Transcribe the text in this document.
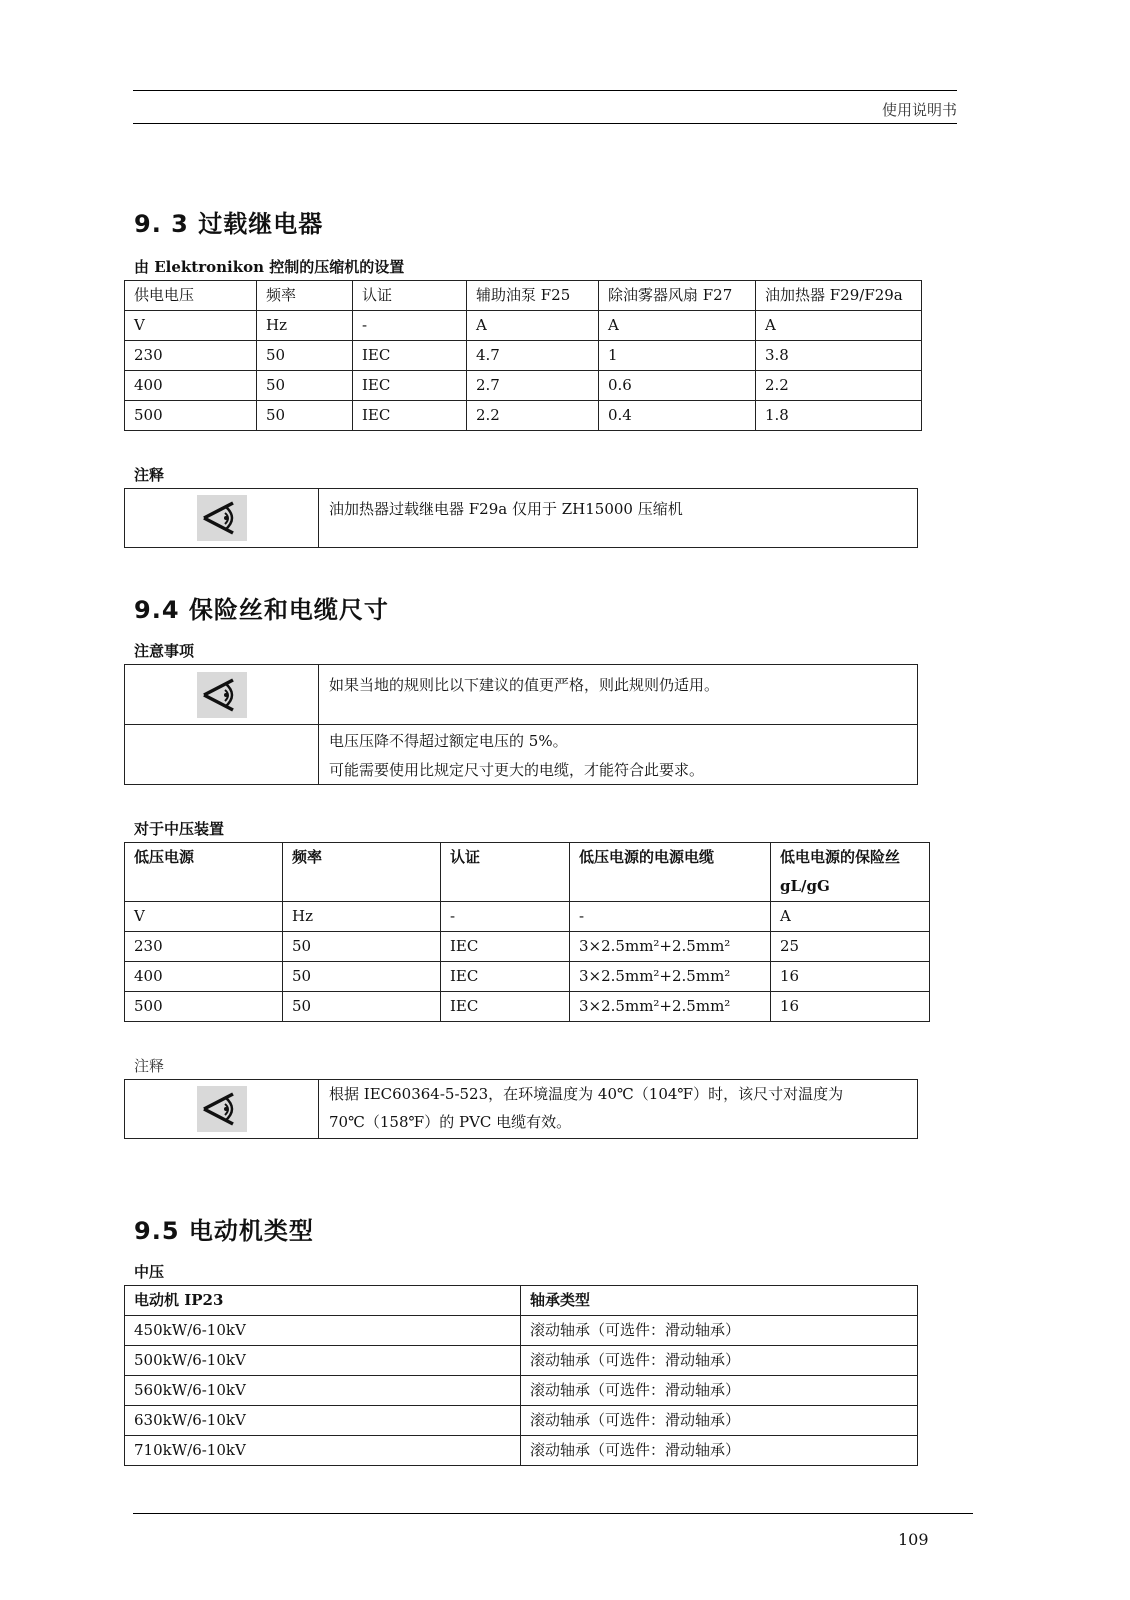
使用说明书
9. 3 过载继电器
由 Elektronikon 控制的压缩机的设置
供电电压	频率	认证	辅助油泵 F25	除油雾器风扇 F27	油加热器 F29/F29a
V	Hz	-	A	A	A
230	50	IEC	4.7	1	3.8
400	50	IEC	2.7	0.6	2.2
500	50	IEC	2.2	0.4	1.8
注释
油加热器过载继电器 F29a 仅用于 ZH15000 压缩机
9.4 保险丝和电缆尺寸
注意事项
如果当地的规则比以下建议的值更严格，则此规则仍适用。
电压压降不得超过额定电压的 5%。
可能需要使用比规定尺寸更大的电缆，才能符合此要求。
对于中压装置
低压电源	频率	认证	低压电源的电源电缆	低电电源的保险丝
gL/gG

V	Hz	-	-	A
230	50	IEC	3×2.5mm²+2.5mm²	25
400	50	IEC	3×2.5mm²+2.5mm²	16
500	50	IEC	3×2.5mm²+2.5mm²	16
注释
根据 IEC60364-5-523，在环境温度为 40℃（104℉）时，该尺寸对温度为 70℃（158℉）的 PVC 电缆有效。
9.5 电动机类型
中压
电动机 IP23	轴承类型
450kW/6-10kV	滚动轴承（可选件：滑动轴承）
500kW/6-10kV	滚动轴承（可选件：滑动轴承）
560kW/6-10kV	滚动轴承（可选件：滑动轴承）
630kW/6-10kV	滚动轴承（可选件：滑动轴承）
710kW/6-10kV	滚动轴承（可选件：滑动轴承）
109
